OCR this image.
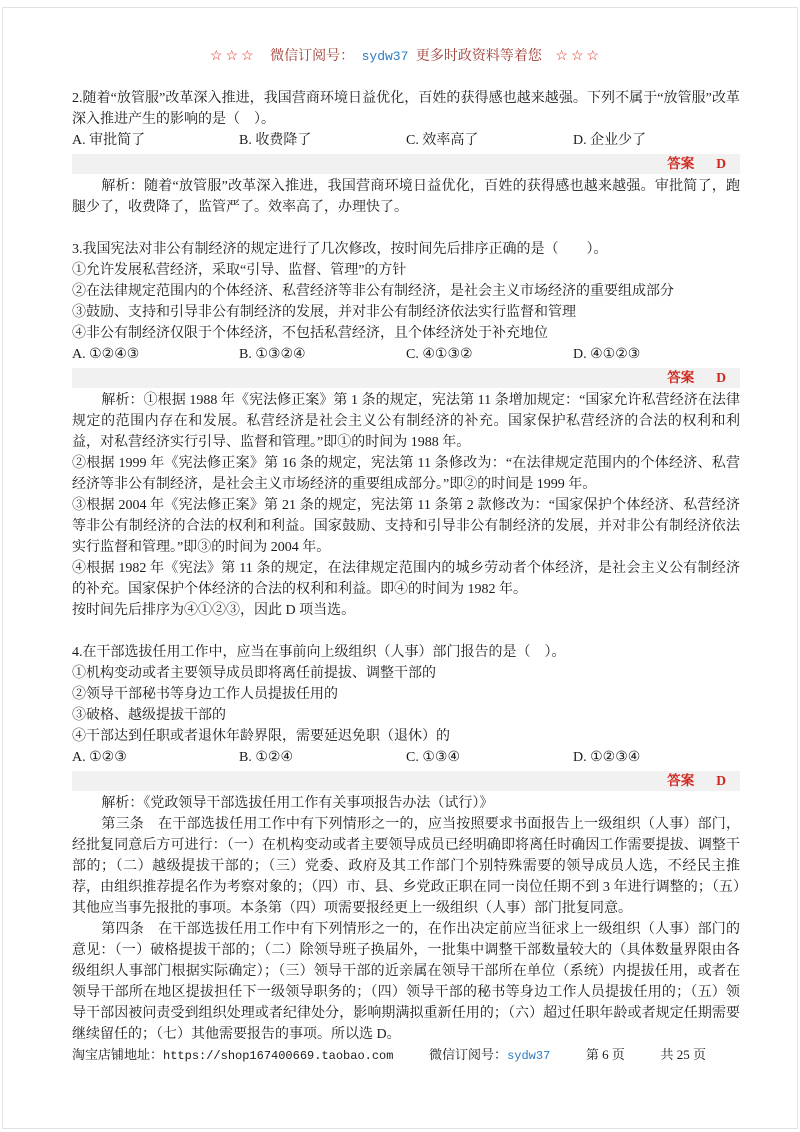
☆☆☆ 微信订阅号： sydw37 更多时政资料等着您 ☆☆☆
2.随着“放管服”改革深入推进，我国营商环境日益优化，百姓的获得感也越来越强。下列不属于“放管服”改革深入推进产生的影响的是（　）。
A. 审批简了	B. 收费降了	C. 效率高了	D. 企业少了
答案 D
解析：随着“放管服”改革深入推进，我国营商环境日益优化，百姓的获得感也越来越强。审批简了，跑腿少了，收费降了，监管严了。效率高了，办理快了。
3.我国宪法对非公有制经济的规定进行了几次修改，按时间先后排序正确的是（　　）。
①允许发展私营经济，采取“引导、监督、管理”的方针
②在法律规定范围内的个体经济、私营经济等非公有制经济，是社会主义市场经济的重要组成部分
③鼓励、支持和引导非公有制经济的发展，并对非公有制经济依法实行监督和管理
④非公有制经济仅限于个体经济，不包括私营经济，且个体经济处于补充地位
A. ①②④③	B. ①③②④	C. ④①③②	D. ④①②③
答案 D
解析：①根据 1988 年《宪法修正案》第 1 条的规定，宪法第 11 条增加规定：“国家允许私营经济在法律规定的范围内存在和发展。私营经济是社会主义公有制经济的补充。国家保护私营经济的合法的权利和利益，对私营经济实行引导、监督和管理。”即①的时间为 1988 年。
②根据 1999 年《宪法修正案》第 16 条的规定，宪法第 11 条修改为：“在法律规定范围内的个体经济、私营经济等非公有制经济，是社会主义市场经济的重要组成部分。”即②的时间是 1999 年。
③根据 2004 年《宪法修正案》第 21 条的规定，宪法第 11 条第 2 款修改为：“国家保护个体经济、私营经济等非公有制经济的合法的权利和利益。国家鼓励、支持和引导非公有制经济的发展，并对非公有制经济依法实行监督和管理。”即③的时间为 2004 年。
④根据 1982 年《宪法》第 11 条的规定，在法律规定范围内的城乡劳动者个体经济，是社会主义公有制经济的补充。国家保护个体经济的合法的权利和利益。即④的时间为 1982 年。
按时间先后排序为④①②③，因此 D 项当选。
4.在干部选拔任用工作中，应当在事前向上级组织（人事）部门报告的是（　）。
①机构变动或者主要领导成员即将离任前提拔、调整干部的
②领导干部秘书等身边工作人员提拔任用的
③破格、越级提拔干部的
④干部达到任职或者退休年龄界限，需要延迟免职（退休）的
A. ①②③	B. ①②④	C. ①③④	D. ①②③④
答案 D
解析：《党政领导干部选拔任用工作有关事项报告办法（试行）》
第三条　在干部选拔任用工作中有下列情形之一的，应当按照要求书面报告上一级组织（人事）部门，经批复同意后方可进行：（一）在机构变动或者主要领导成员已经明确即将离任时确因工作需要提拔、调整干部的；（二）越级提拔干部的；（三）党委、政府及其工作部门个别特殊需要的领导成员人选，不经民主推荐，由组织推荐提名作为考察对象的；（四）市、县、乡党政正职在同一岗位任期不到 3 年进行调整的；（五）其他应当事先报批的事项。本条第（四）项需要报经更上一级组织（人事）部门批复同意。
第四条　在干部选拔任用工作中有下列情形之一的，在作出决定前应当征求上一级组织（人事）部门的意见：（一）破格提拔干部的；（二）除领导班子换届外，一批集中调整干部数量较大的（具体数量界限由各级组织人事部门根据实际确定）；（三）领导干部的近亲属在领导干部所在单位（系统）内提拔任用，或者在领导干部所在地区提拔担任下一级领导职务的；（四）领导干部的秘书等身边工作人员提拔任用的；（五）领导干部因被问责受到组织处理或者纪律处分，影响期满拟重新任用的；（六）超过任职年龄或者规定任期需要继续留任的；（七）其他需要报告的事项。所以选 D。
淘宝店铺地址：https://shop167400669.taobao.com	微信订阅号：sydw37	第 6 页	共 25 页
